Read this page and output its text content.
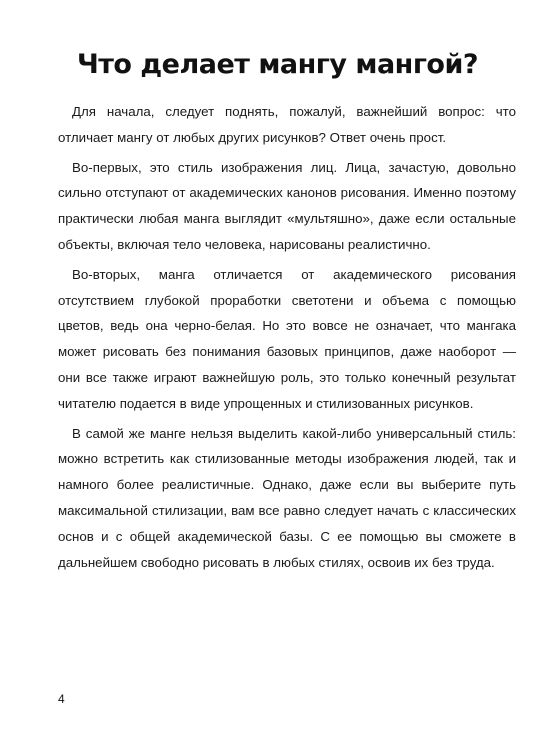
Что делает мангу мангой?

Для начала, следует поднять, пожалуй, важнейший вопрос: что отличает мангу от любых других рисунков? Ответ очень прост.

Во-первых, это стиль изображения лиц. Лица, зачастую, довольно сильно отступают от академических канонов рисования. Именно поэтому практически любая манга выглядит «мультяшно», даже если остальные объекты, включая тело человека, нарисованы реалистично.

Во-вторых, манга отличается от академического рисования отсутствием глубокой проработки светотени и объема с помощью цветов, ведь она черно-белая. Но это вовсе не означает, что мангака может рисовать без понимания базовых принципов, даже наоборот — они все также играют важнейшую роль, это только конечный результат читателю подается в виде упрощенных и стилизованных рисунков.

В самой же манге нельзя выделить какой-либо универсальный стиль: можно встретить как стилизованные методы изображения людей, так и намного более реалистичные. Однако, даже если вы выберите путь максимальной стилизации, вам все равно следует начать с классических основ и с общей академической базы. С ее помощью вы сможете в дальнейшем свободно рисовать в любых стилях, освоив их без труда.

4
